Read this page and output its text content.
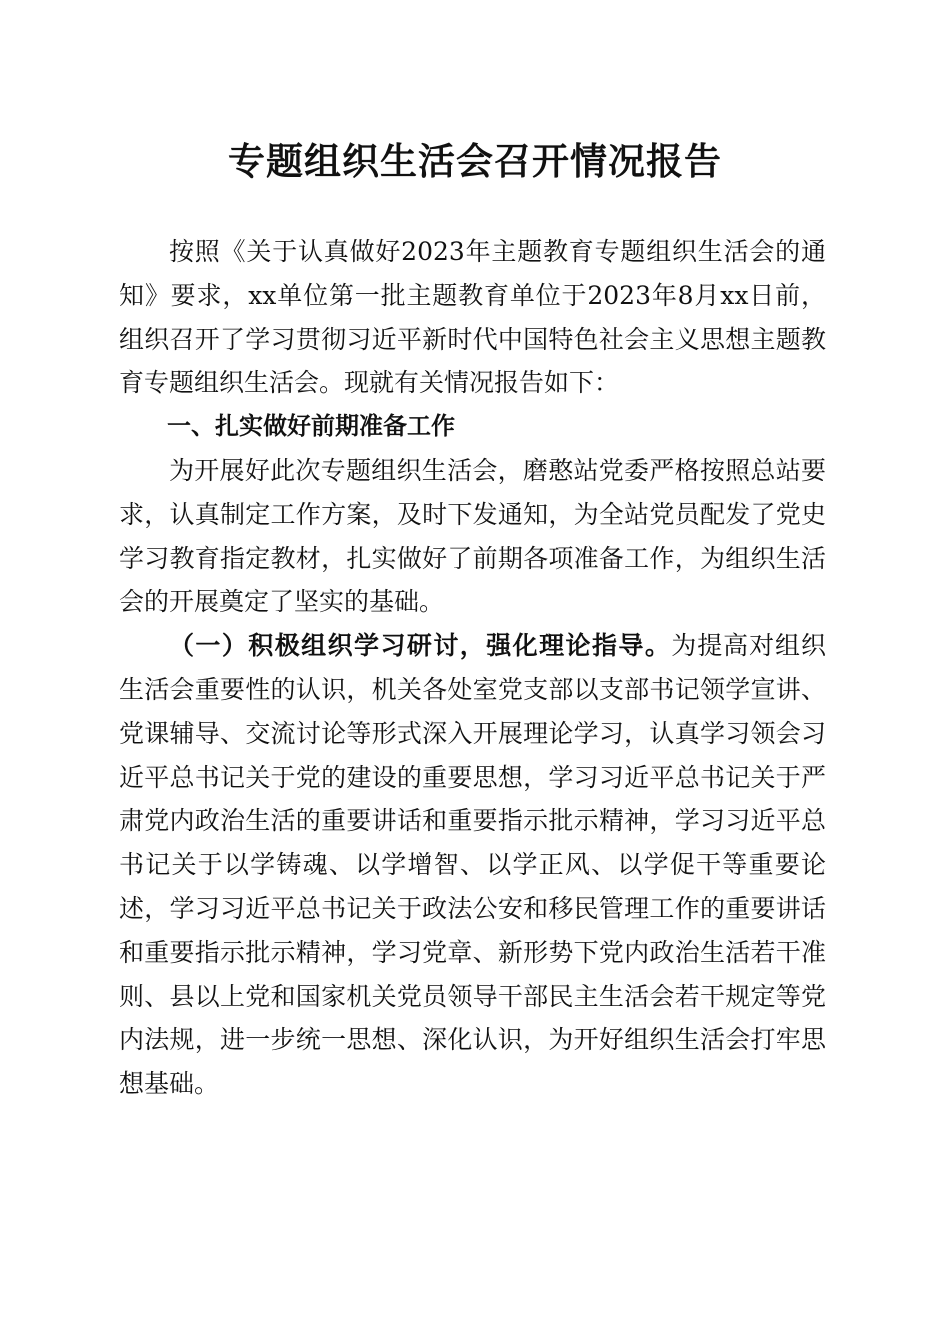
专题组织生活会召开情况报告

按照《关于认真做好2023年主题教育专题组织生活会的通知》要求，xx单位第一批主题教育单位于2023年8月xx日前，组织召开了学习贯彻习近平新时代中国特色社会主义思想主题教育专题组织生活会。现就有关情况报告如下：

一、扎实做好前期准备工作

为开展好此次专题组织生活会，磨憨站党委严格按照总站要求，认真制定工作方案，及时下发通知，为全站党员配发了党史学习教育指定教材，扎实做好了前期各项准备工作，为组织生活会的开展奠定了坚实的基础。

（一）积极组织学习研讨，强化理论指导。为提高对组织生活会重要性的认识，机关各处室党支部以支部书记领学宣讲、党课辅导、交流讨论等形式深入开展理论学习，认真学习领会习近平总书记关于党的建设的重要思想，学习习近平总书记关于严肃党内政治生活的重要讲话和重要指示批示精神，学习习近平总书记关于以学铸魂、以学增智、以学正风、以学促干等重要论述，学习习近平总书记关于政法公安和移民管理工作的重要讲话和重要指示批示精神，学习党章、新形势下党内政治生活若干准则、县以上党和国家机关党员领导干部民主生活会若干规定等党内法规，进一步统一思想、深化认识，为开好组织生活会打牢思想基础。
